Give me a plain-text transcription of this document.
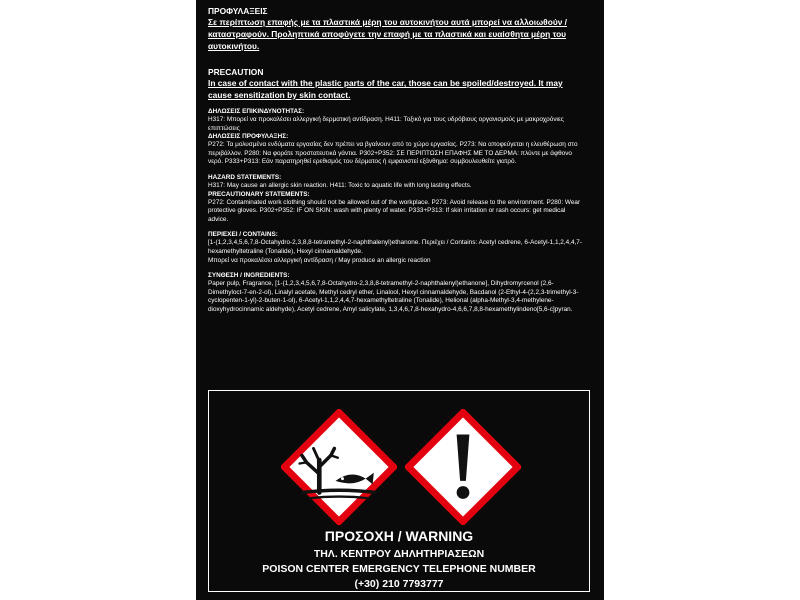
ΠΡΟΦΥΛΑΞΕΙΣ

Σε περίπτωση επαφής με τα πλαστικά μέρη του αυτοκινήτου αυτά μπορεί να αλλοιωθούν / καταστραφούν. Προληπτικά αποφύγετε την επαφή με τα πλαστικά και ευαίσθητα μέρη του αυτοκινήτου.

PRECAUTION

In case of contact with the plastic parts of the car, those can be spoiled/destroyed. It may cause sensitization by skin contact.

ΔΗΛΩΣΕΙΣ ΕΠΙΚΙΝΔΥΝΟΤΗΤΑΣ:

H317: Μπορεί να προκαλέσει αλλεργική δερματική αντίδραση. H411: Τοξικό για τους υδρόβιους οργανισμούς με μακροχρόνιες επιπτώσεις

ΔΗΛΩΣΕΙΣ ΠΡΟΦΥΛΑΞΗΣ:

P272: Τα μολυσμένα ενδύματα εργασίας δεν πρέπει να βγαίνουν από το χώρο εργασίας. P273: Να αποφεύγεται η ελευθέρωση στο περιβάλλον. P280: Να φοράτε προστατευτικά γάντια. P302+P352: ΣΕ ΠΕΡΙΠΤΩΣΗ ΕΠΑΦΗΣ ΜΕ ΤΟ ΔΕΡΜΑ: πλύντε με άφθονο νερό. P333+P313: Εάν παρατηρηθεί ερεθισμός του δέρματος ή εμφανιστεί εξάνθημα: συμβουλευθείτε γιατρό.

HAZARD STATEMENTS:

H317: May cause an allergic skin reaction. H411: Toxic to aquatic life with long lasting effects.

PRECAUTIONARY STATEMENTS:

P272: Contaminated work clothing should not be allowed out of the workplace. P273: Avoid release to the environment. P280: Wear protective gloves. P302+P352: IF ON SKIN: wash with plenty of water. P333+P313: If skin irritation or rash occurs: get medical advice.

ΠΕΡΙΕΧΕΙ / CONTAINS:

[1-(1,2,3,4,5,6,7,8-Octahydro-2,3,8,8-tetramethyl-2-naphthalenyl)ethanone. Περιέχει / Contains: Acetyl cedrene, 6-Acetyl-1,1,2,4,4,7-hexamethyltetraline (Tonalide), Hexyl cinnamaldehyde.

Μπορεί να προκαλέσει αλλεργική αντίδραση / May produce an allergic reaction

ΣΥΝΘΕΣΗ / INGREDIENTS:

Paper pulp, Fragrance, [1-(1,2,3,4,5,6,7,8-Octahydro-2,3,8,8-tetramethyl-2-naphthalenyl)ethanone], Dihydromyrcenol (2,6-Dimethyloct-7-en-2-ol), Linalyl acetate, Methyl cedryl ether, Linalool, Hexyl cinnamaldehyde, Bacdanol (2-Ethyl-4-(2,2,3-trimethyl-3-cyclopenten-1-yl)-2-buten-1-ol), 6-Acetyl-1,1,2,4,4,7-hexamethyltetraline (Tonalide), Helional (alpha-Methyl-3,4-methylene-dioxyhydrocinnamic aldehyde), Acetyl cedrene, Amyl salicylate, 1,3,4,6,7,8-hexahydro-4,6,6,7,8,8-hexamethylindeno[5,6-c]pyran.

ΠΡΟΣΟΧΗ / WARNING

ΤΗΛ. ΚΕΝΤΡΟΥ ΔΗΛΗΤΗΡΙΑΣΕΩΝ

POISON CENTER EMERGENCY TELEPHONE NUMBER

(+30) 210 7793777
